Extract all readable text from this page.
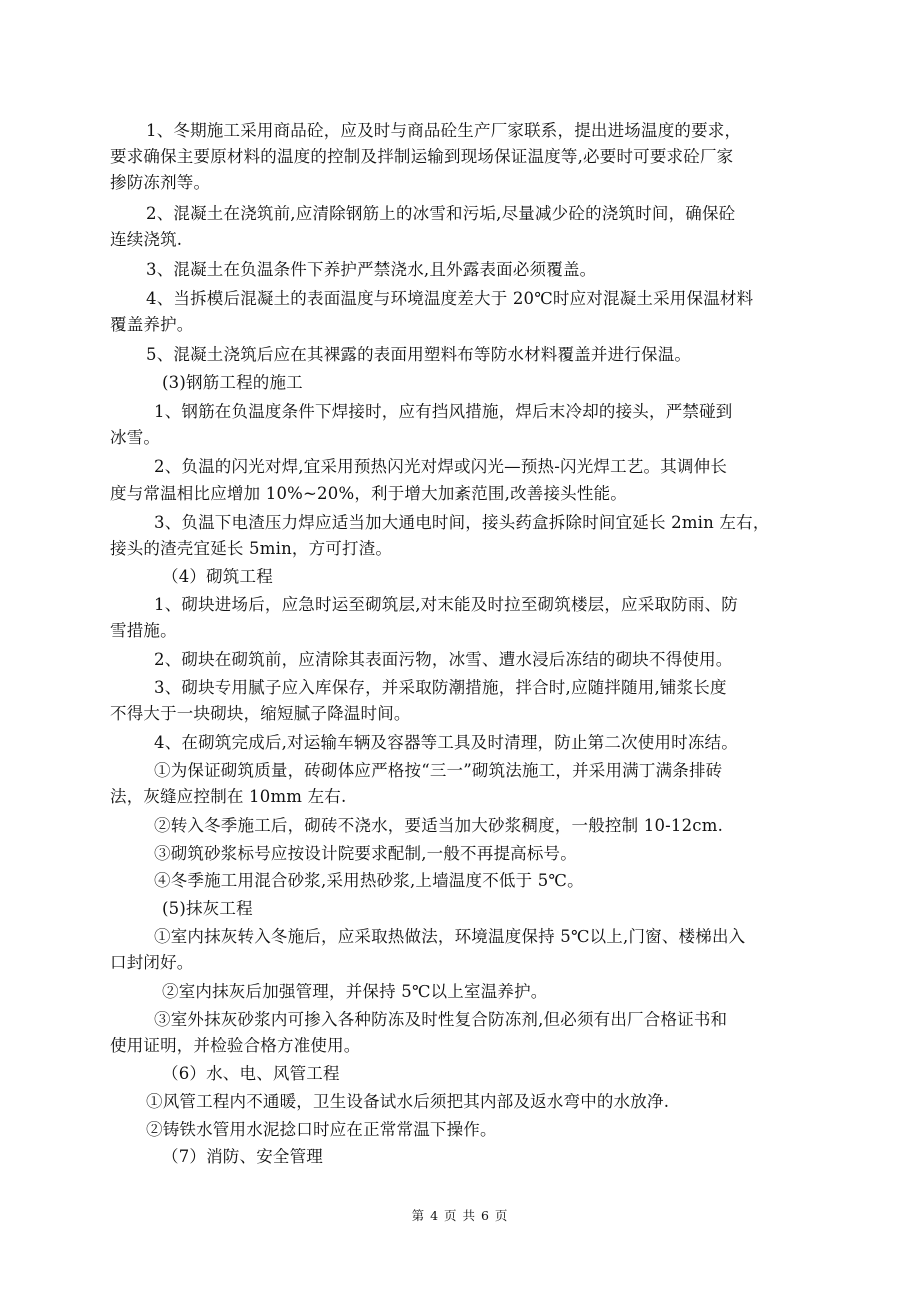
1、冬期施工采用商品砼，应及时与商品砼生产厂家联系，提出进场温度的要求，
要求确保主要原材料的温度的控制及拌制运输到现场保证温度等,必要时可要求砼厂家
掺防冻剂等。
2、混凝土在浇筑前,应清除钢筋上的冰雪和污垢,尽量减少砼的浇筑时间，确保砼
连续浇筑.
3、混凝土在负温条件下养护严禁浇水,且外露表面必须覆盖。
4、当拆模后混凝土的表面温度与环境温度差大于 20℃时应对混凝土采用保温材料
覆盖养护。
5、混凝土浇筑后应在其裸露的表面用塑料布等防水材料覆盖并进行保温。
(3)钢筋工程的施工
1、钢筋在负温度条件下焊接时，应有挡风措施，焊后末冷却的接头，严禁碰到
冰雪。
2、负温的闪光对焊,宜采用预热闪光对焊或闪光—预热-闪光焊工艺。其调伸长
度与常温相比应增加 10%~20%，利于增大加紊范围,改善接头性能。
3、负温下电渣压力焊应适当加大通电时间，接头药盒拆除时间宜延长 2min 左右，
接头的渣壳宜延长 5min，方可打渣。
（4）砌筑工程
1、砌块进场后，应急时运至砌筑层,对末能及时拉至砌筑楼层，应采取防雨、防
雪措施。
2、砌块在砌筑前，应清除其表面污物，冰雪、遭水浸后冻结的砌块不得使用。
3、砌块专用腻子应入库保存，并采取防潮措施，拌合时,应随拌随用,铺浆长度
不得大于一块砌块，缩短腻子降温时间。
4、在砌筑完成后,对运输车辆及容器等工具及时清理，防止第二次使用时冻结。
①为保证砌筑质量，砖砌体应严格按“三一”砌筑法施工，并采用满丁满条排砖
法，灰缝应控制在 10mm 左右.
②转入冬季施工后，砌砖不浇水，要适当加大砂浆稠度，一般控制 10-12cm.
③砌筑砂浆标号应按设计院要求配制,一般不再提高标号。
④冬季施工用混合砂浆,采用热砂浆,上墙温度不低于 5℃。
(5)抹灰工程
①室内抹灰转入冬施后，应采取热做法，环境温度保持 5℃以上,门窗、楼梯出入
口封闭好。
②室内抹灰后加强管理，并保持 5℃以上室温养护。
③室外抹灰砂浆内可掺入各种防冻及时性复合防冻剂,但必须有出厂合格证书和
使用证明，并检验合格方准使用。
（6）水、电、风管工程
①风管工程内不通暖，卫生设备试水后须把其内部及返水弯中的水放净.
②铸铁水管用水泥捻口时应在正常常温下操作。
（7）消防、安全管理
第 4 页 共 6 页
